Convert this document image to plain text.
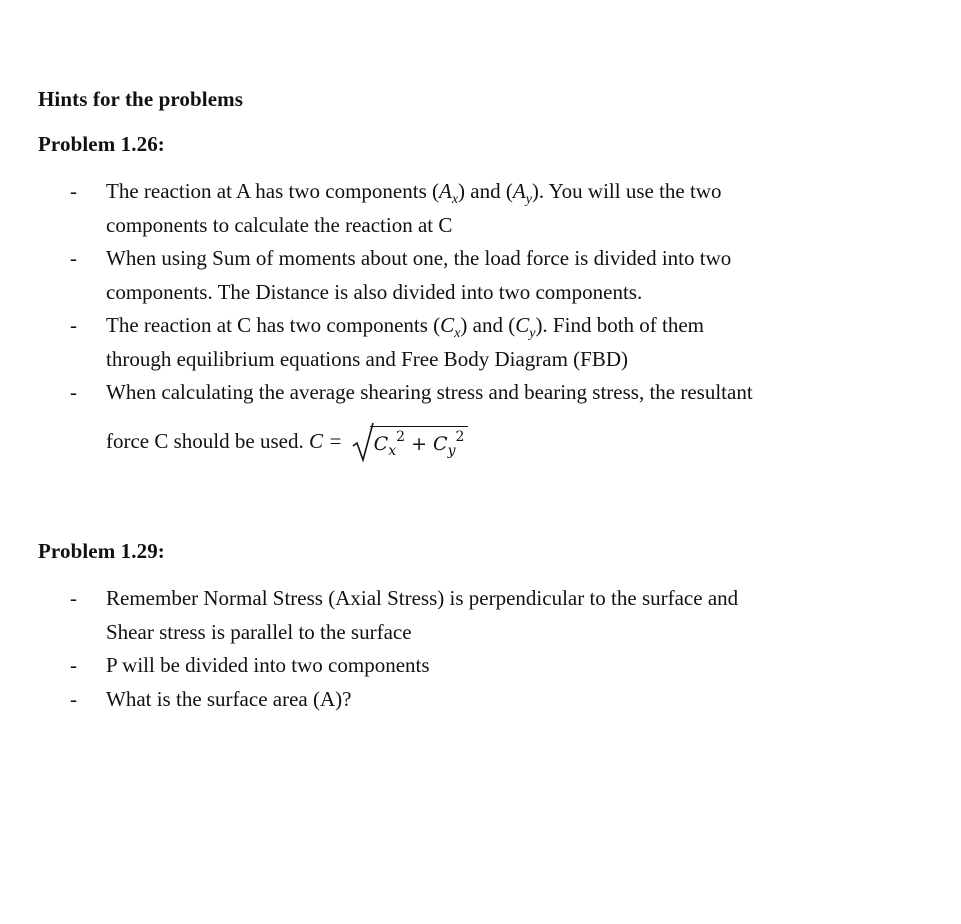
Hints for the problems
Problem 1.26:
- The reaction at A has two components $(A_x)$ and $(A_y)$. You will use the two
components to calculate the reaction at C
- When using Sum of moments about one, the load force is divided into two
components. The Distance is also divided into two components.
- The reaction at C has two components $(C_x)$ and $(C_y)$. Find both of them
through equilibrium equations and Free Body Diagram (FBD)
- When calculating the average shearing stress and bearing stress, the resultant
force C should be used. $C = C_x^2 + C_y^2$
Problem 1.29:
- Remember Normal Stress (Axial Stress) is perpendicular to the surface and
Shear stress is parallel to the surface
- P will be divided into two components
- What is the surface area (A)?
